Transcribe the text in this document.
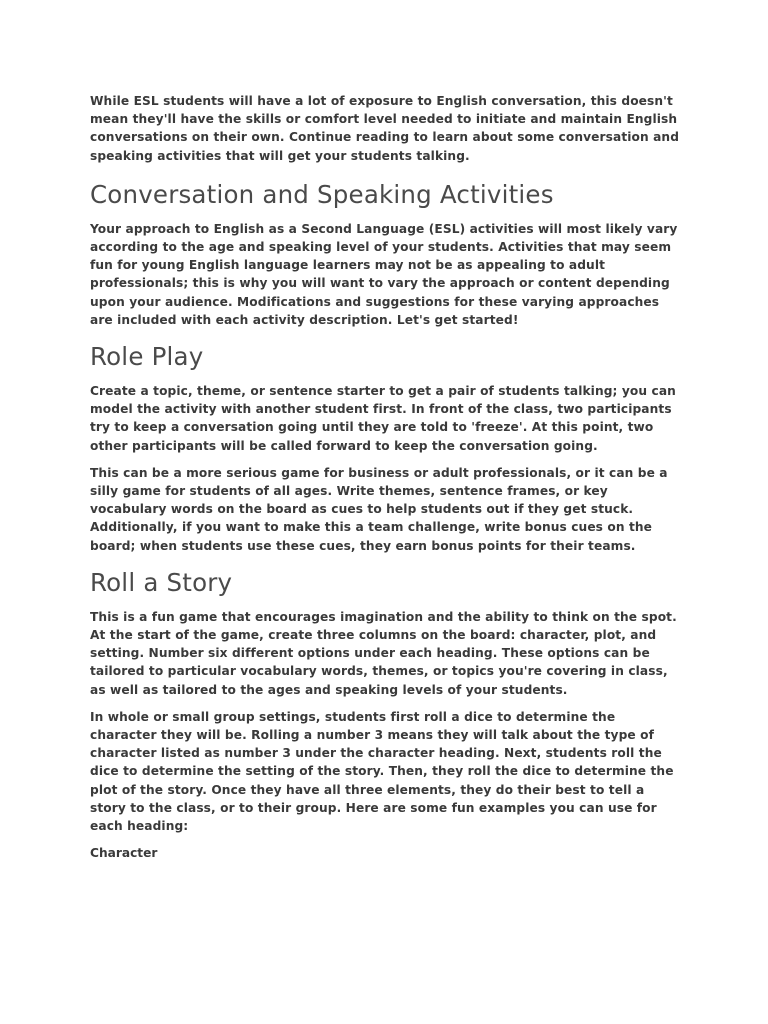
While ESL students will have a lot of exposure to English conversation, this doesn't mean they'll have the skills or comfort level needed to initiate and maintain English conversations on their own. Continue reading to learn about some conversation and speaking activities that will get your students talking.

Conversation and Speaking Activities

Your approach to English as a Second Language (ESL) activities will most likely vary according to the age and speaking level of your students. Activities that may seem fun for young English language learners may not be as appealing to adult professionals; this is why you will want to vary the approach or content depending upon your audience. Modifications and suggestions for these varying approaches are included with each activity description. Let's get started!

Role Play

Create a topic, theme, or sentence starter to get a pair of students talking; you can model the activity with another student first. In front of the class, two participants try to keep a conversation going until they are told to 'freeze'. At this point, two other participants will be called forward to keep the conversation going.

This can be a more serious game for business or adult professionals, or it can be a silly game for students of all ages. Write themes, sentence frames, or key vocabulary words on the board as cues to help students out if they get stuck. Additionally, if you want to make this a team challenge, write bonus cues on the board; when students use these cues, they earn bonus points for their teams.

Roll a Story

This is a fun game that encourages imagination and the ability to think on the spot. At the start of the game, create three columns on the board: character, plot, and setting. Number six different options under each heading. These options can be tailored to particular vocabulary words, themes, or topics you're covering in class, as well as tailored to the ages and speaking levels of your students.

In whole or small group settings, students first roll a dice to determine the character they will be. Rolling a number 3 means they will talk about the type of character listed as number 3 under the character heading. Next, students roll the dice to determine the setting of the story. Then, they roll the dice to determine the plot of the story. Once they have all three elements, they do their best to tell a story to the class, or to their group. Here are some fun examples you can use for each heading:

Character
